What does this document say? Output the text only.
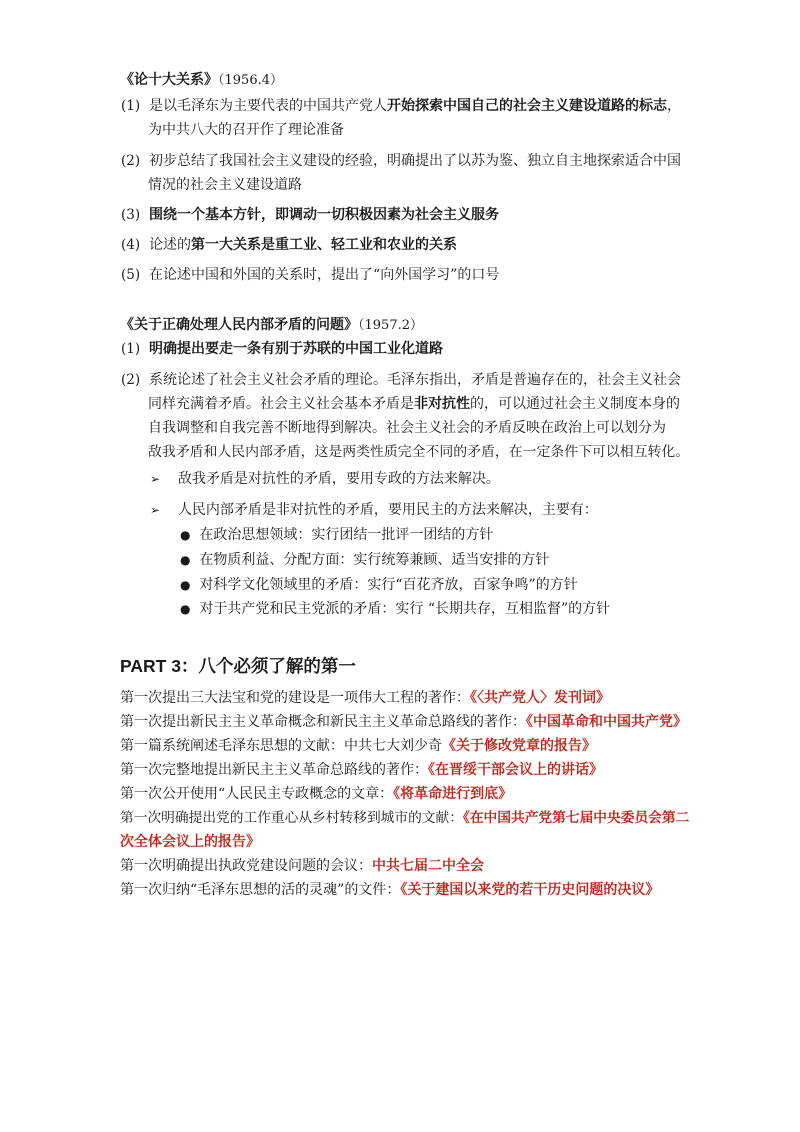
《论十大关系》（1956.4）
(1) 是以毛泽东为主要代表的中国共产党人开始探索中国自己的社会主义建设道路的标志，
为中共八大的召开作了理论准备
(2) 初步总结了我国社会主义建设的经验，明确提出了以苏为鉴、独立自主地探索适合中国
情况的社会主义建设道路
(3) 围绕一个基本方针，即调动一切积极因素为社会主义服务
(4) 论述的第一大关系是重工业、轻工业和农业的关系
(5) 在论述中国和外国的关系时，提出了“向外国学习”的口号
《关于正确处理人民内部矛盾的问题》（1957.2）
(1) 明确提出要走一条有别于苏联的中国工业化道路
(2) 系统论述了社会主义社会矛盾的理论。毛泽东指出，矛盾是普遍存在的，社会主义社会
同样充满着矛盾。社会主义社会基本矛盾是非对抗性的，可以通过社会主义制度本身的
自我调整和自我完善不断地得到解决。社会主义社会的矛盾反映在政治上可以划分为
敌我矛盾和人民内部矛盾，这是两类性质完全不同的矛盾，在一定条件下可以相互转化。
➢ 敌我矛盾是对抗性的矛盾，要用专政的方法来解决。
➢ 人民内部矛盾是非对抗性的矛盾，要用民主的方法来解决，主要有：
● 在政治思想领域：实行团结一批评一团结的方针
● 在物质利益、分配方面：实行统筹兼顾、适当安排的方针
● 对科学文化领域里的矛盾：实行“百花齐放，百家争鸣”的方针
● 对于共产党和民主党派的矛盾：实行 “长期共存，互相监督”的方针
PART 3：八个必须了解的第一
第一次提出三大法宝和党的建设是一项伟大工程的著作：《〈共产党人〉发刊词》
第一次提出新民主主义革命概念和新民主主义革命总路线的著作：《中国革命和中国共产党》
第一篇系统阐述毛泽东思想的文献：中共七大刘少奇《关于修改党章的报告》
第一次完整地提出新民主主义革命总路线的著作：《在晋绥干部会议上的讲话》
第一次公开使用“人民民主专政概念的文章：《将革命进行到底》
第一次明确提出党的工作重心从乡村转移到城市的文献：《在中国共产党第七届中央委员会第二
次全体会议上的报告》
第一次明确提出执政党建设问题的会议：中共七届二中全会
第一次归纳“毛泽东思想的活的灵魂”的文件：《关于建国以来党的若干历史问题的决议》
